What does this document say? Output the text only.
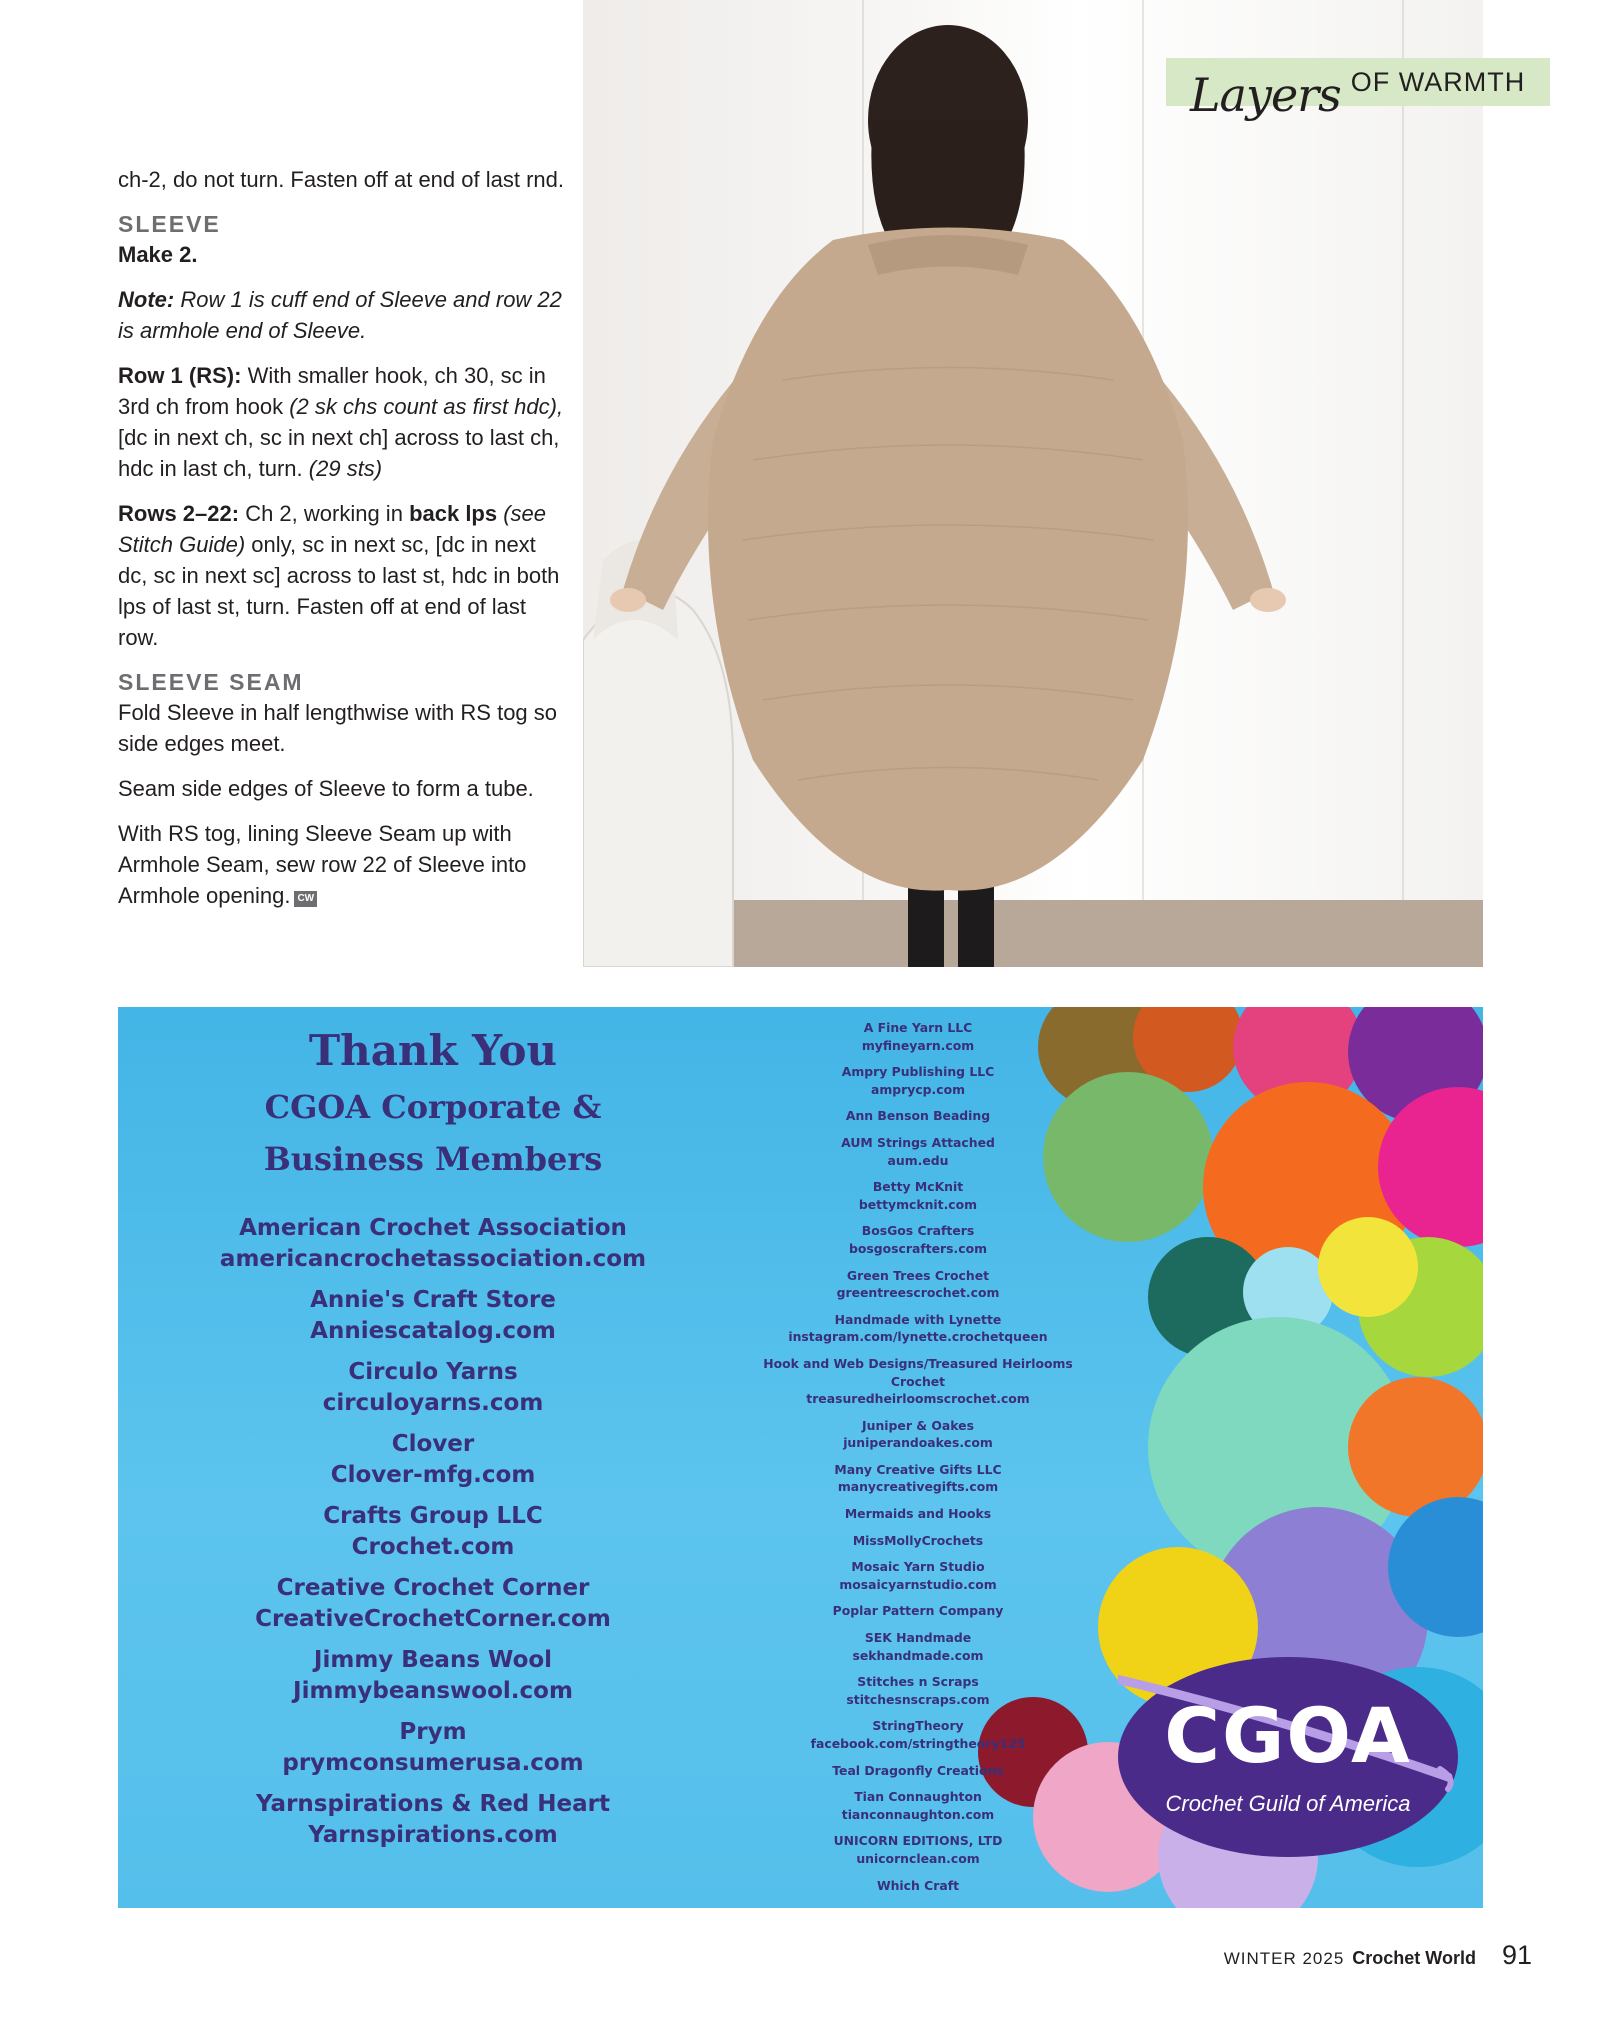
ch-2, do not turn. Fasten off at end of last rnd.

SLEEVE
Make 2.

Note: Row 1 is cuff end of Sleeve and row 22 is armhole end of Sleeve.

Row 1 (RS): With smaller hook, ch 30, sc in 3rd ch from hook (2 sk chs count as first hdc), [dc in next ch, sc in next ch] across to last ch, hdc in last ch, turn. (29 sts)

Rows 2–22: Ch 2, working in back lps (see Stitch Guide) only, sc in next sc, [dc in next dc, sc in next sc] across to last st, hdc in both lps of last st, turn. Fasten off at end of last row.

SLEEVE SEAM

Fold Sleeve in half lengthwise with RS tog so side edges meet.

Seam side edges of Sleeve to form a tube.

With RS tog, lining Sleeve Seam up with Armhole Seam, sew row 22 of Sleeve into Armhole opening. CW

Layers OF WARMTH
Thank You
CGOA Corporate &
Business Members
American Crochet Association
americancrochetassociation.com
Annie's Craft Store
Anniescatalog.com
Circulo Yarns
circuloyarns.com
Clover
Clover-mfg.com
Crafts Group LLC
Crochet.com
Creative Crochet Corner
CreativeCrochetCorner.com
Jimmy Beans Wool
Jimmybeanswool.com
Prym
prymconsumerusa.com
Yarnspirations & Red Heart
Yarnspirations.com
A Fine Yarn LLC
myfineyarn.com
Ampry Publishing LLC
amprycp.com
Ann Benson Beading
AUM Strings Attached
aum.edu
Betty McKnit
bettymcknit.com
BosGos Crafters
bosgoscrafters.com
Green Trees Crochet
greentreescrochet.com
Handmade with Lynette
instagram.com/lynette.crochetqueen
Hook and Web Designs/Treasured Heirlooms Crochet
treasuredheirloomscrochet.com
Juniper & Oakes
juniperandoakes.com
Many Creative Gifts LLC
manycreativegifts.com
Mermaids and Hooks
MissMollyCrochets
Mosaic Yarn Studio
mosaicyarnstudio.com
Poplar Pattern Company
SEK Handmade
sekhandmade.com
Stitches n Scraps
stitchesnscraps.com
StringTheory
facebook.com/stringtheory125
Teal Dragonfly Creations
Tian Connaughton
tianconnaughton.com
UNICORN EDITIONS, LTD
unicornclean.com
Which Craft
CGOA
Crochet Guild of America
WINTER 2025 Crochet World 91
